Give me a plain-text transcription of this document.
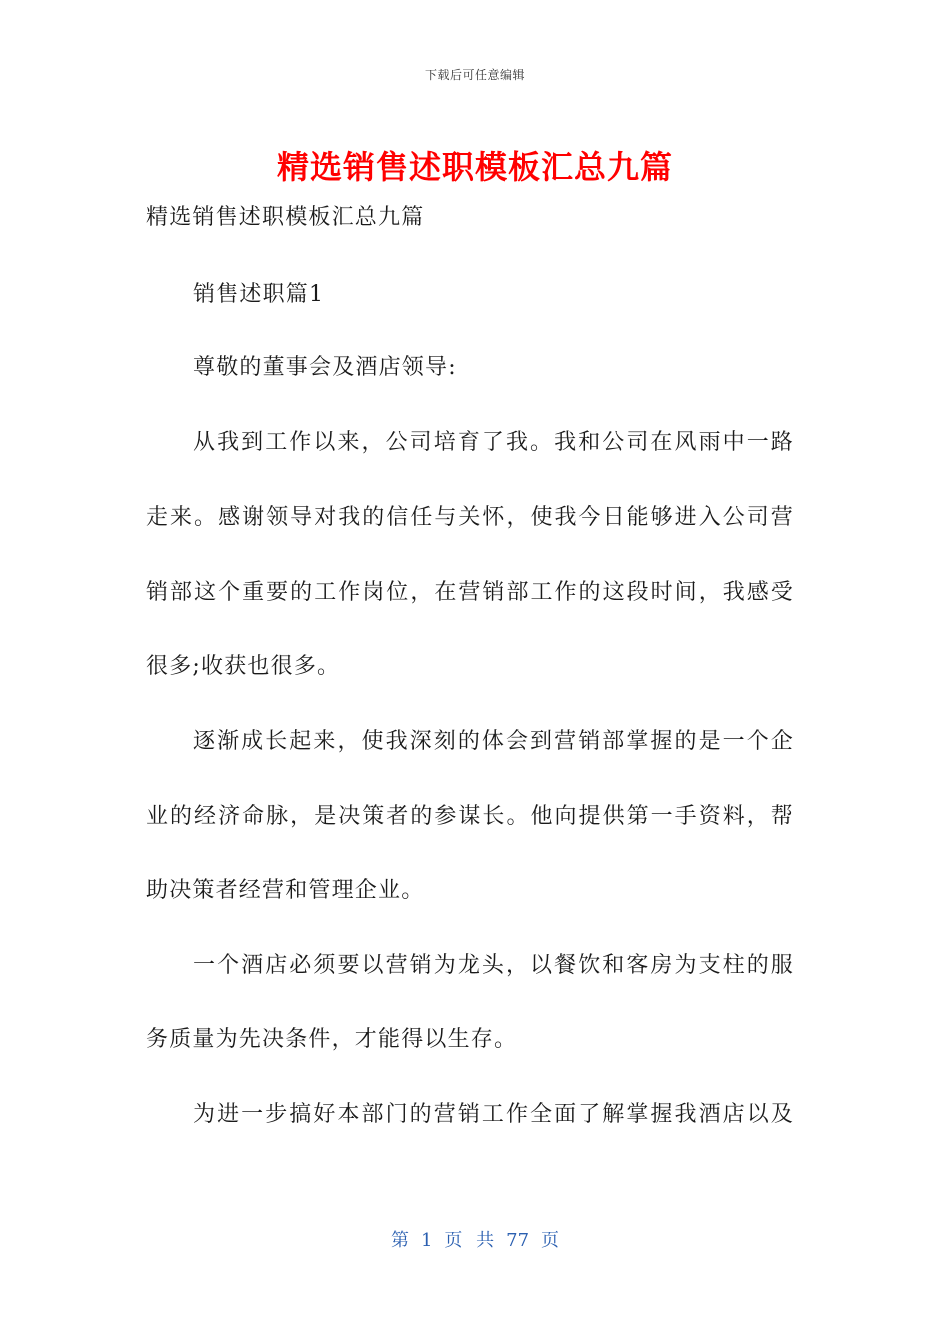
下载后可任意编辑
精选销售述职模板汇总九篇
精选销售述职模板汇总九篇
销售述职篇1
尊敬的董事会及酒店领导:
从我到工作以来，公司培育了我。我和公司在风雨中一路
走来。感谢领导对我的信任与关怀，使我今日能够进入公司营
销部这个重要的工作岗位，在营销部工作的这段时间，我感受
很多;收获也很多。
逐渐成长起来，使我深刻的体会到营销部掌握的是一个企
业的经济命脉，是决策者的参谋长。他向提供第一手资料，帮
助决策者经营和管理企业。
一个酒店必须要以营销为龙头，以餐饮和客房为支柱的服
务质量为先决条件，才能得以生存。
为进一步搞好本部门的营销工作全面了解掌握我酒店以及
第 1 页 共 77 页
